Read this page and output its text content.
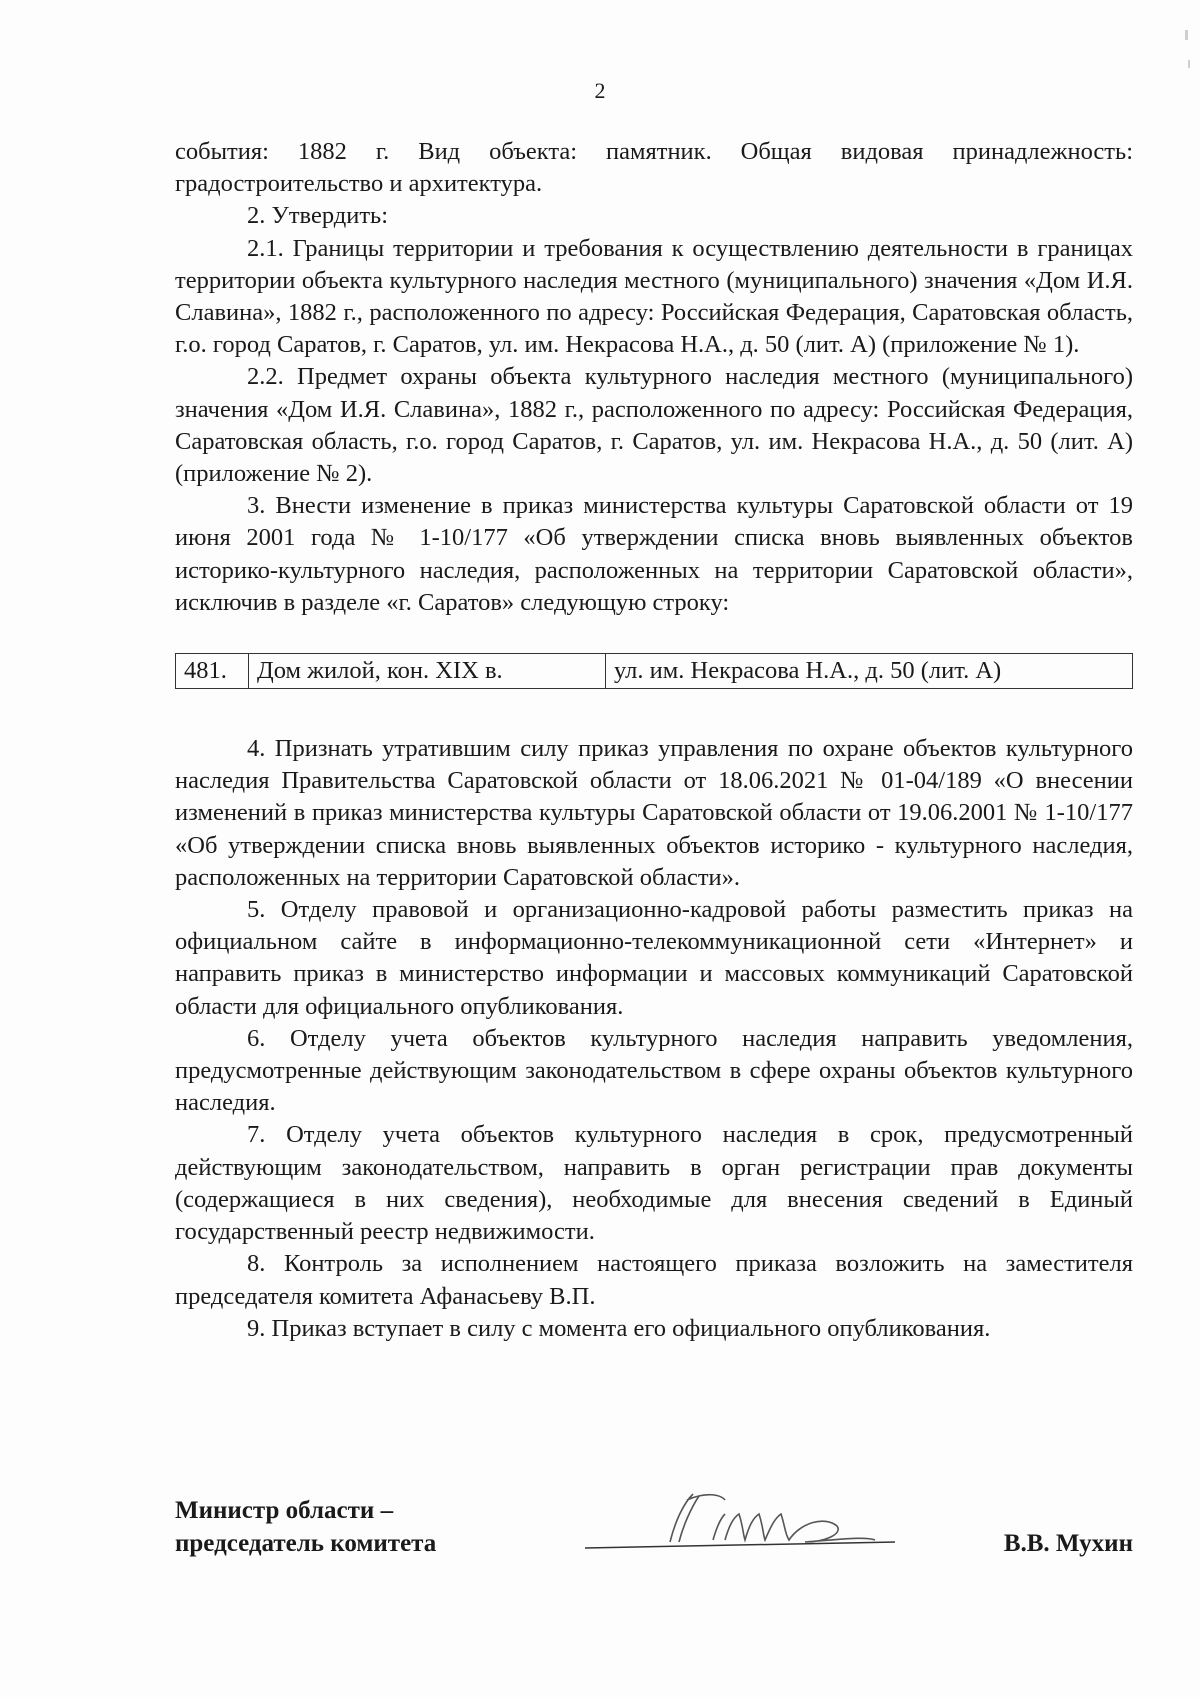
2

события: 1882 г. Вид объекта: памятник. Общая видовая принадлежность: градостроительство и архитектура.

2. Утвердить:

2.1. Границы территории и требования к осуществлению деятельности в границах территории объекта культурного наследия местного (муниципального) значения «Дом И.Я. Славина», 1882 г., расположенного по адресу: Российская Федерация, Саратовская область, г.о. город Саратов, г. Саратов, ул. им. Некрасова Н.А., д. 50 (лит. А) (приложение № 1).

2.2. Предмет охраны объекта культурного наследия местного (муниципального) значения «Дом И.Я. Славина», 1882 г., расположенного по адресу: Российская Федерация, Саратовская область, г.о. город Саратов, г. Саратов, ул. им. Некрасова Н.А., д. 50 (лит. А) (приложение № 2).

3. Внести изменение в приказ министерства культуры Саратовской области от 19 июня 2001 года № 1-10/177 «Об утверждении списка вновь выявленных объектов историко-культурного наследия, расположенных на территории Саратовской области», исключив в разделе «г. Саратов» следующую строку:

481.	Дом жилой, кон. XIX в.	ул. им. Некрасова Н.А., д. 50 (лит. А)

4. Признать утратившим силу приказ управления по охране объектов культурного наследия Правительства Саратовской области от 18.06.2021 № 01-04/189 «О внесении изменений в приказ министерства культуры Саратовской области от 19.06.2001 № 1-10/177 «Об утверждении списка вновь выявленных объектов историко - культурного наследия, расположенных на территории Саратовской области».

5. Отделу правовой и организационно-кадровой работы разместить приказ на официальном сайте в информационно-телекоммуникационной сети «Интернет» и направить приказ в министерство информации и массовых коммуникаций Саратовской области для официального опубликования.

6. Отделу учета объектов культурного наследия направить уведомления, предусмотренные действующим законодательством в сфере охраны объектов культурного наследия.

7. Отделу учета объектов культурного наследия в срок, предусмотренный действующим законодательством, направить в орган регистрации прав документы (содержащиеся в них сведения), необходимые для внесения сведений в Единый государственный реестр недвижимости.

8. Контроль за исполнением настоящего приказа возложить на заместителя председателя комитета Афанасьеву В.П.

9. Приказ вступает в силу с момента его официального опубликования.

Министр области –
председатель комитета	В.В. Мухин
